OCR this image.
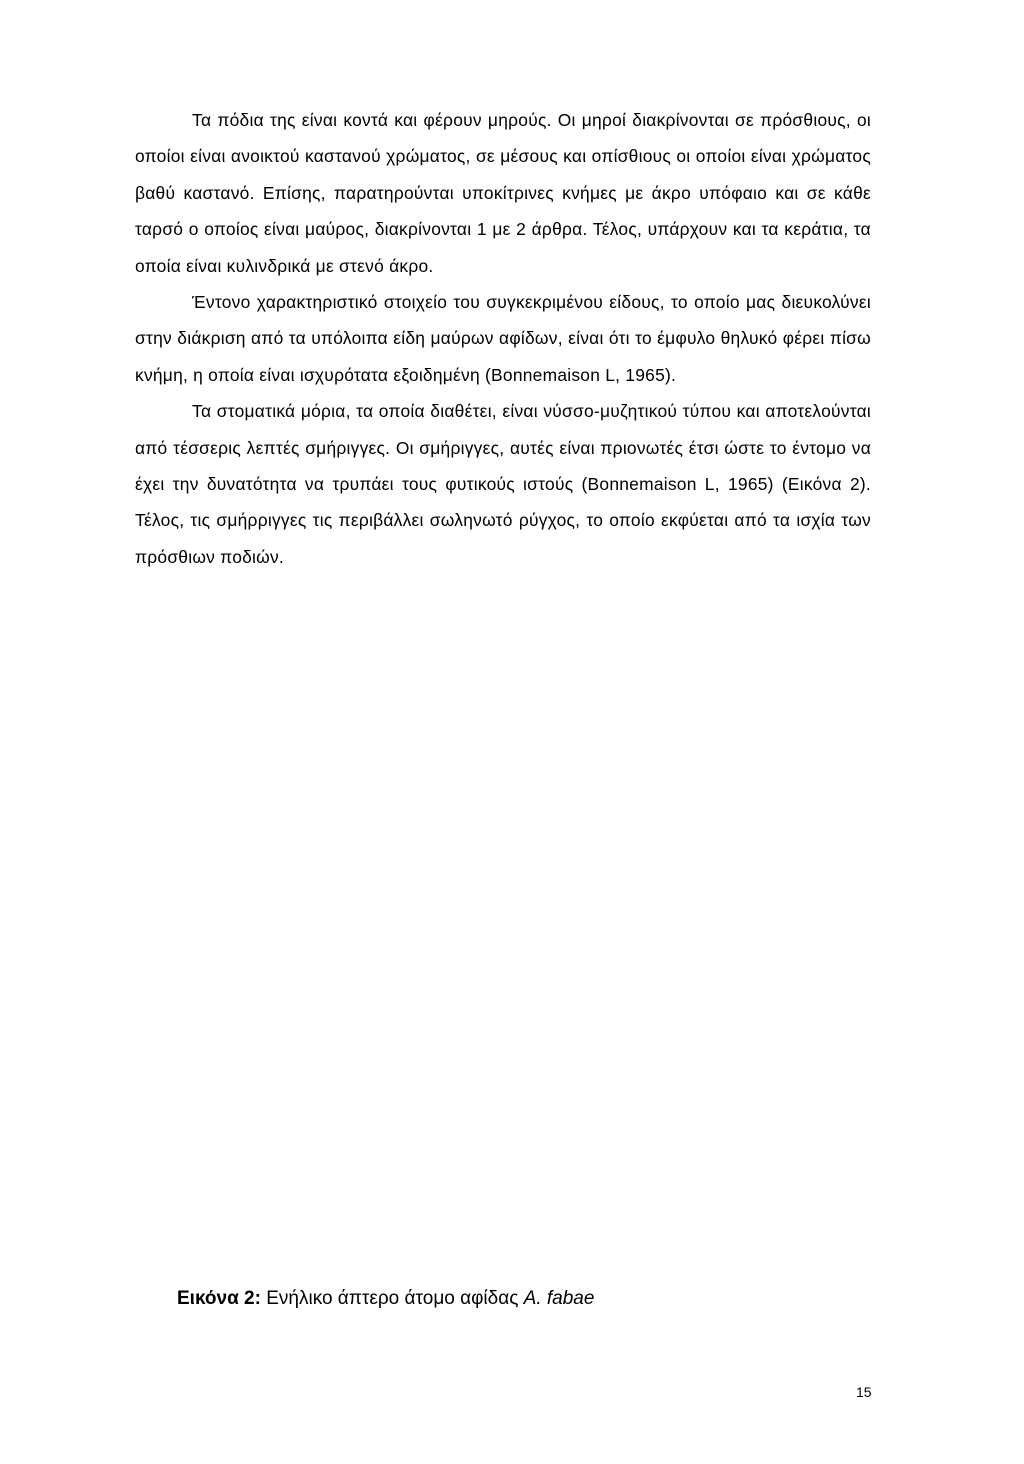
Τα πόδια της είναι κοντά και φέρουν μηρούς. Οι μηροί διακρίνονται σε πρόσθιους, οι οποίοι είναι ανοικτού καστανού χρώματος, σε μέσους και οπίσθιους οι οποίοι είναι χρώματος βαθύ καστανό. Επίσης, παρατηρούνται υποκίτρινες κνήμες με άκρο υπόφαιο και σε κάθε ταρσό ο οποίος είναι μαύρος, διακρίνονται 1 με 2 άρθρα. Τέλος, υπάρχουν και τα κεράτια, τα οποία είναι κυλινδρικά με στενό άκρο.

Έντονο χαρακτηριστικό στοιχείο του συγκεκριμένου είδους, το οποίο μας διευκολύνει στην διάκριση από τα υπόλοιπα είδη μαύρων αφίδων, είναι ότι το έμφυλο θηλυκό φέρει πίσω κνήμη, η οποία είναι ισχυρότατα εξοιδημένη (Bonnemaison L, 1965).

Τα στοματικά μόρια, τα οποία διαθέτει, είναι νύσσο-μυζητικού τύπου και αποτελούνται από τέσσερις λεπτές σμήριγγες. Οι σμήριγγες, αυτές είναι πριονωτές έτσι ώστε το έντομο να έχει την δυνατότητα να τρυπάει τους φυτικούς ιστούς (Bonnemaison L, 1965) (Εικόνα 2). Τέλος, τις σμήρριγγες τις περιβάλλει σωληνωτό ρύγχος, το οποίο εκφύεται από τα ισχία των πρόσθιων ποδιών.

Εικόνα 2: Ενήλικο άπτερο άτομο αφίδας A. fabae
15
